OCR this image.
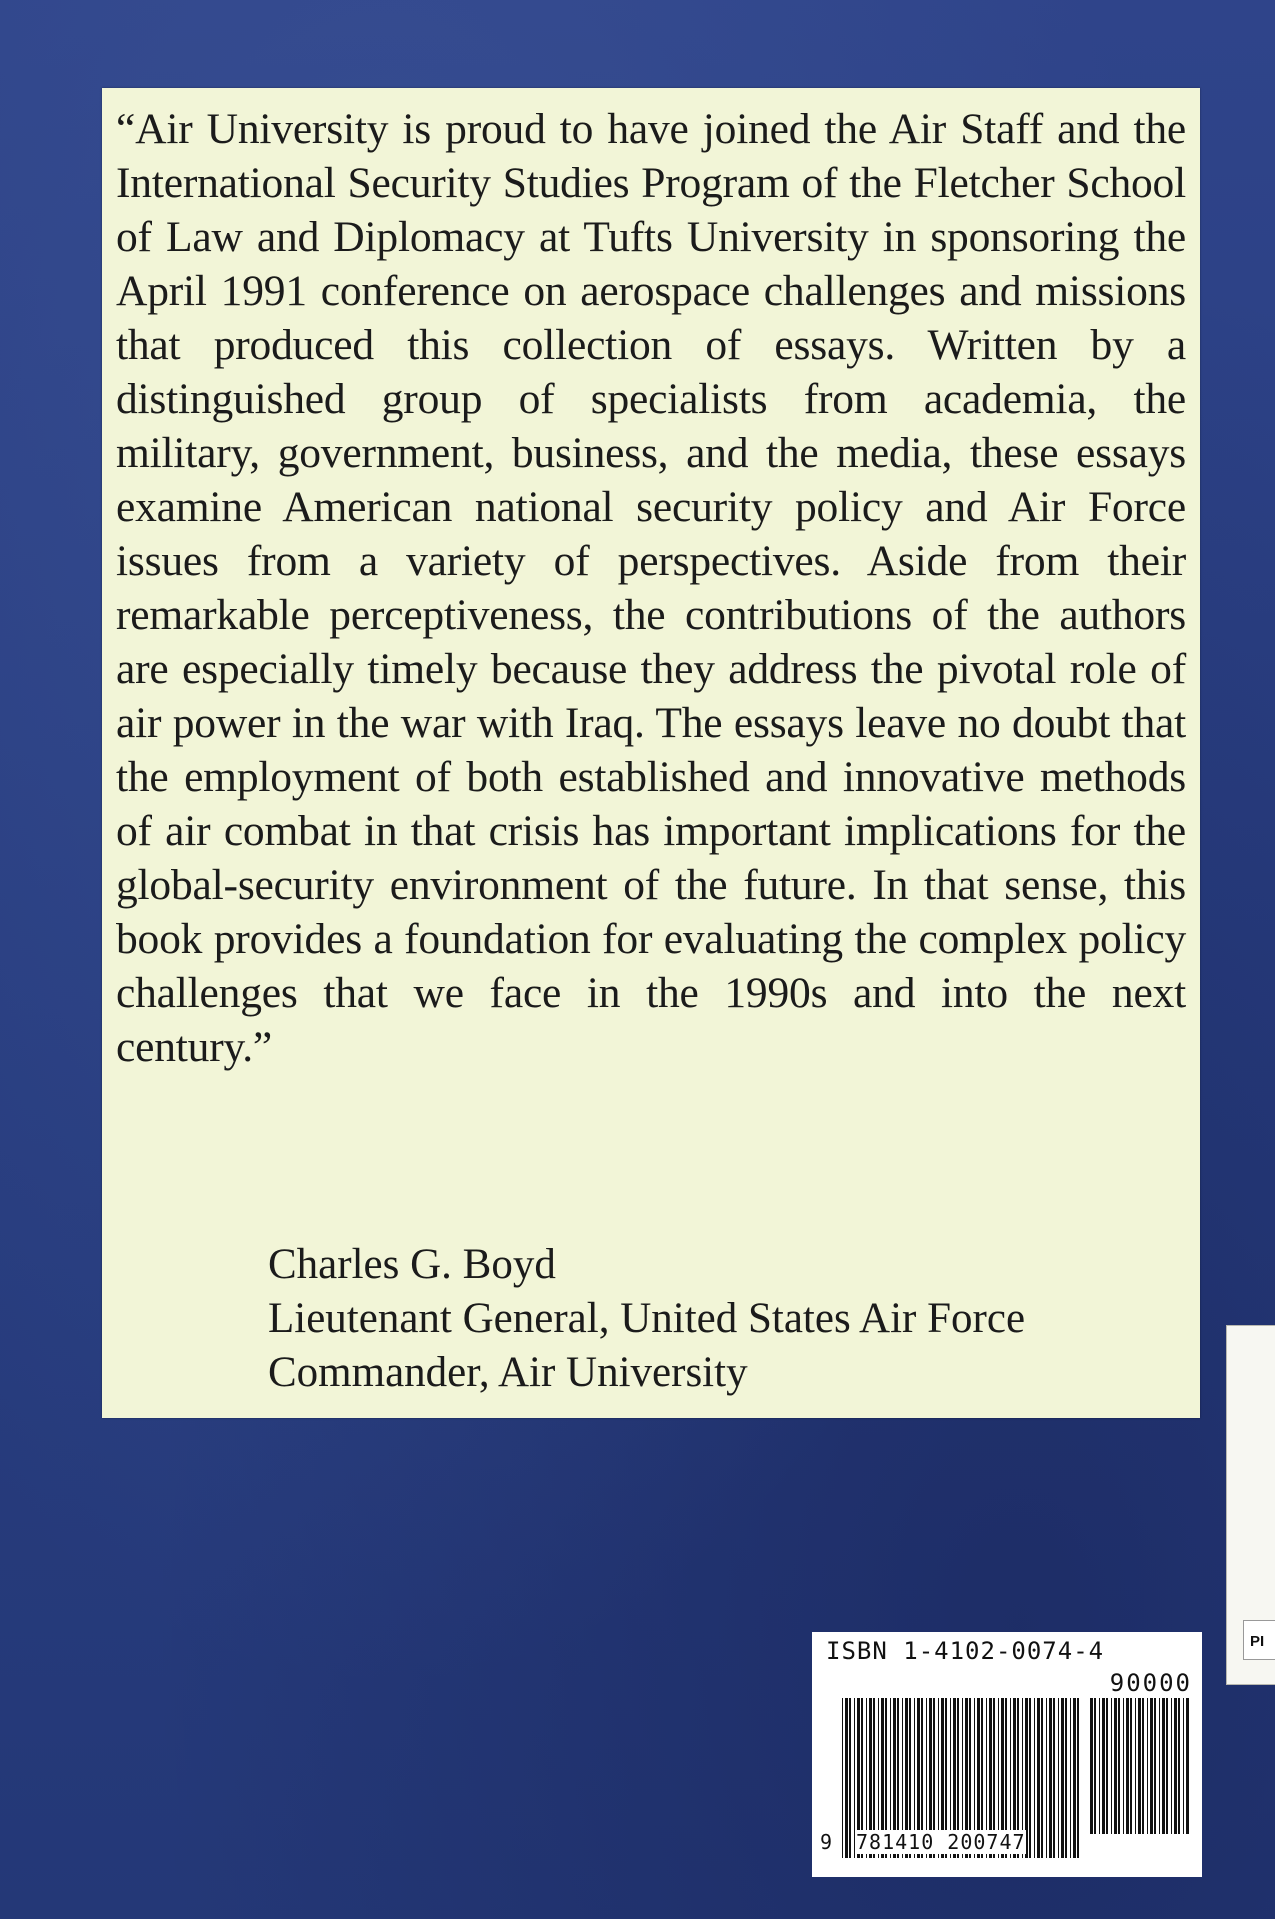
“Air University is proud to have joined the Air Staff and the International Security Studies Program of the Fletcher School of Law and Diplomacy at Tufts University in sponsoring the April 1991 conference on aerospace challenges and missions that produced this collection of essays. Written by a distinguished group of specialists from academia, the military, government, business, and the media, these essays examine American national security policy and Air Force issues from a variety of perspectives. Aside from their remarkable perceptiveness, the contributions of the authors are especially timely because they address the pivotal role of air power in the war with Iraq. The essays leave no doubt that the employment of both established and innovative methods of air combat in that crisis has important implications for the global-security environment of the future. In that sense, this book provides a foundation for evaluating the complex policy challenges that we face in the 1990s and into the next century.”

Charles G. Boyd
Lieutenant General, United States Air Force
Commander, Air University
PI
ISBN 1-4102-0074-4
90000
9 781410 200747
